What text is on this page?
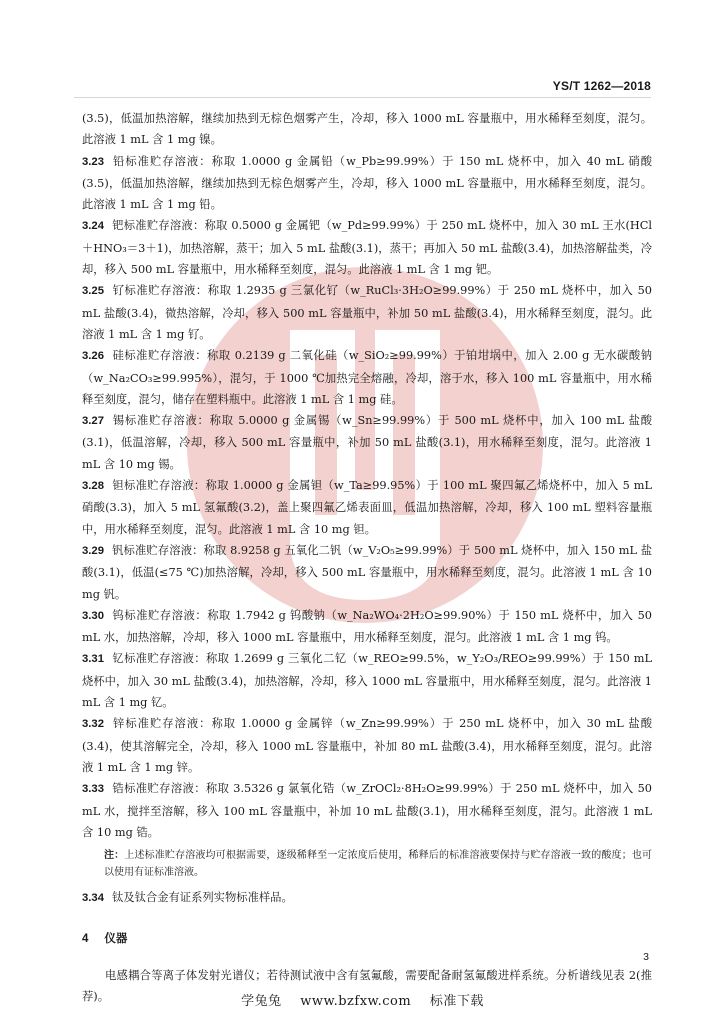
YS/T 1262—2018

(3.5)，低温加热溶解，继续加热到无棕色烟雾产生，冷却，移入 1000 mL 容量瓶中，用水稀释至刻度，混匀。此溶液 1 mL 含 1 mg 镍。

3.23 铅标准贮存溶液：称取 1.0000 g 金属铅（w_Pb≥99.99%）于 150 mL 烧杯中，加入 40 mL 硝酸(3.5)，低温加热溶解，继续加热到无棕色烟雾产生，冷却，移入 1000 mL 容量瓶中，用水稀释至刻度，混匀。此溶液 1 mL 含 1 mg 铅。

3.24 钯标准贮存溶液：称取 0.5000 g 金属钯（w_Pd≥99.99%）于 250 mL 烧杯中，加入 30 mL 王水(HCl＋HNO₃＝3＋1)，加热溶解，蒸干；加入 5 mL 盐酸(3.1)，蒸干；再加入 50 mL 盐酸(3.4)，加热溶解盐类，冷却，移入 500 mL 容量瓶中，用水稀释至刻度，混匀。此溶液 1 mL 含 1 mg 钯。

3.25 钌标准贮存溶液：称取 1.2935 g 三氯化钌（w_RuCl₃·3H₂O≥99.99%）于 250 mL 烧杯中，加入 50 mL 盐酸(3.4)，微热溶解，冷却，移入 500 mL 容量瓶中，补加 50 mL 盐酸(3.4)，用水稀释至刻度，混匀。此溶液 1 mL 含 1 mg 钌。

3.26 硅标准贮存溶液：称取 0.2139 g 二氧化硅（w_SiO₂≥99.99%）于铂坩埚中，加入 2.00 g 无水碳酸钠（w_Na₂CO₃≥99.995%），混匀，于 1000 ℃加热完全熔融，冷却，溶于水，移入 100 mL 容量瓶中，用水稀释至刻度，混匀，储存在塑料瓶中。此溶液 1 mL 含 1 mg 硅。

3.27 锡标准贮存溶液：称取 5.0000 g 金属锡（w_Sn≥99.99%）于 500 mL 烧杯中，加入 100 mL 盐酸(3.1)，低温溶解，冷却，移入 500 mL 容量瓶中，补加 50 mL 盐酸(3.1)，用水稀释至刻度，混匀。此溶液 1 mL 含 10 mg 锡。

3.28 钽标准贮存溶液：称取 1.0000 g 金属钽（w_Ta≥99.95%）于 100 mL 聚四氟乙烯烧杯中，加入 5 mL 硝酸(3.3)，加入 5 mL 氢氟酸(3.2)，盖上聚四氟乙烯表面皿，低温加热溶解，冷却，移入 100 mL 塑料容量瓶中，用水稀释至刻度，混匀。此溶液 1 mL 含 10 mg 钽。

3.29 钒标准贮存溶液：称取 8.9258 g 五氧化二钒（w_V₂O₅≥99.99%）于 500 mL 烧杯中，加入 150 mL 盐酸(3.1)，低温(≤75 ℃)加热溶解，冷却，移入 500 mL 容量瓶中，用水稀释至刻度，混匀。此溶液 1 mL 含 10 mg 钒。

3.30 钨标准贮存溶液：称取 1.7942 g 钨酸钠（w_Na₂WO₄·2H₂O≥99.90%）于 150 mL 烧杯中，加入 50 mL 水，加热溶解，冷却，移入 1000 mL 容量瓶中，用水稀释至刻度，混匀。此溶液 1 mL 含 1 mg 钨。

3.31 钇标准贮存溶液：称取 1.2699 g 三氧化二钇（w_REO≥99.5%，w_Y₂O₃/REO≥99.99%）于 150 mL 烧杯中，加入 30 mL 盐酸(3.4)，加热溶解，冷却，移入 1000 mL 容量瓶中，用水稀释至刻度，混匀。此溶液 1 mL 含 1 mg 钇。

3.32 锌标准贮存溶液：称取 1.0000 g 金属锌（w_Zn≥99.99%）于 250 mL 烧杯中，加入 30 mL 盐酸(3.4)，使其溶解完全，冷却，移入 1000 mL 容量瓶中，补加 80 mL 盐酸(3.4)，用水稀释至刻度，混匀。此溶液 1 mL 含 1 mg 锌。

3.33 锆标准贮存溶液：称取 3.5326 g 氯氧化锆（w_ZrOCl₂·8H₂O≥99.99%）于 250 mL 烧杯中，加入 50 mL 水，搅拌至溶解，移入 100 mL 容量瓶中，补加 10 mL 盐酸(3.1)，用水稀释至刻度，混匀。此溶液 1 mL 含 10 mg 锆。

注：上述标准贮存溶液均可根据需要，逐级稀释至一定浓度后使用，稀释后的标准溶液要保持与贮存溶液一致的酸度；也可以使用有证标准溶液。

3.34 钛及钛合金有证系列实物标准样品。

4 仪器

电感耦合等离子体发射光谱仪；若待测试液中含有氢氟酸，需要配备耐氢氟酸进样系统。分析谱线见表 2(推荐)。

3
学兔兔 www.bzfxw.com 标准下载
